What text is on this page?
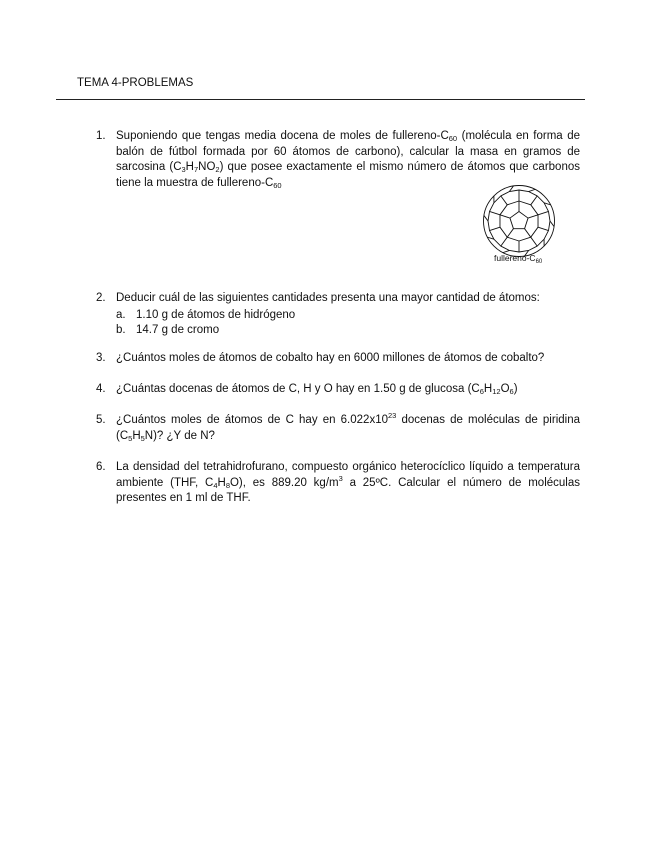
TEMA 4-PROBLEMAS
1. Suponiendo que tengas media docena de moles de fullereno-$C_{60}$ (molécula en forma de balón de fútbol formada por 60 átomos de carbono), calcular la masa en gramos de sarcosina $(C_3H_7NO_2)$ que posee exactamente el mismo número de átomos que carbonos tiene la muestra de fullereno-$C_{60}$
fullereno-$C_{60}$
2. Deducir cuál de las siguientes cantidades presenta una mayor cantidad de átomos:
a. 1.10 g de átomos de hidrógeno
b. 14.7 g de cromo
3. ¿Cuántos moles de átomos de cobalto hay en 6000 millones de átomos de cobalto?
4. ¿Cuántas docenas de átomos de C, H y O hay en 1.50 g de glucosa $(C_6H_{12}O_6)$
5. ¿Cuántos moles de átomos de C hay en $6.022x10^{23}$ docenas de moléculas de piridina $(C_5H_5N)$? ¿Y de N?
6. La densidad del tetrahidrofurano, compuesto orgánico heterocíclico líquido a temperatura ambiente (THF, $C_4H_8O$), es 889.20 $kg/m^3$ a 25ºC. Calcular el número de moléculas presentes en 1 ml de THF.
